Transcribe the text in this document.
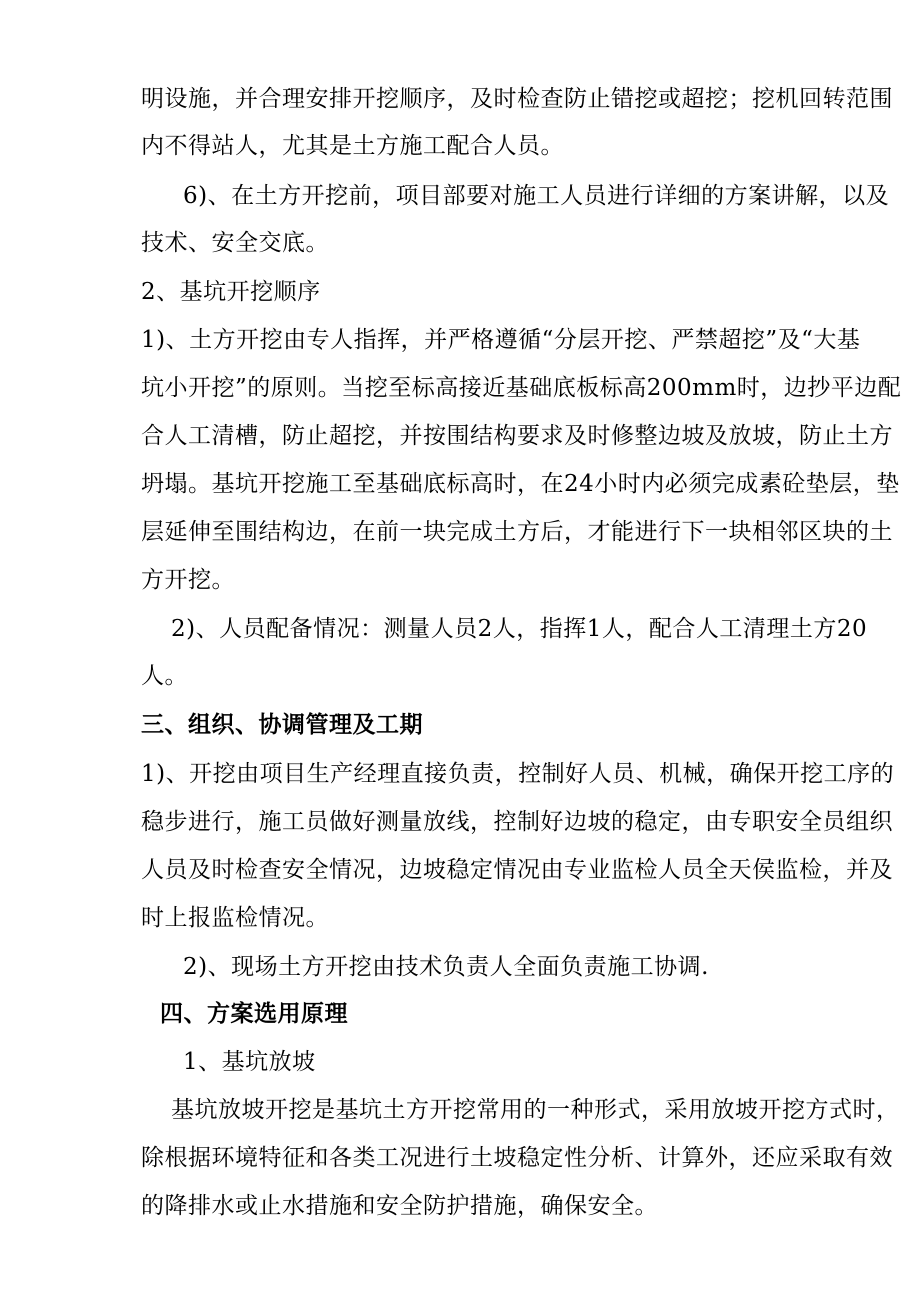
明设施，并合理安排开挖顺序，及时检查防止错挖或超挖；挖机回转范围
内不得站人，尤其是土方施工配合人员。
6)、在土方开挖前，项目部要对施工人员进行详细的方案讲解，以及
技术、安全交底。
2、基坑开挖顺序
1)、土方开挖由专人指挥，并严格遵循“分层开挖、严禁超挖”及“大基
坑小开挖”的原则。当挖至标高接近基础底板标高200mm时，边抄平边配
合人工清槽，防止超挖，并按围结构要求及时修整边坡及放坡，防止土方
坍塌。基坑开挖施工至基础底标高时，在24小时内必须完成素砼垫层，垫
层延伸至围结构边，在前一块完成土方后，才能进行下一块相邻区块的土
方开挖。
2)、人员配备情况：测量人员2人，指挥1人，配合人工清理土方20
人。
三、组织、协调管理及工期
1)、开挖由项目生产经理直接负责，控制好人员、机械，确保开挖工序的
稳步进行，施工员做好测量放线，控制好边坡的稳定，由专职安全员组织
人员及时检查安全情况，边坡稳定情况由专业监检人员全天侯监检，并及
时上报监检情况。
2)、现场土方开挖由技术负责人全面负责施工协调.
四、方案选用原理
1、基坑放坡
基坑放坡开挖是基坑土方开挖常用的一种形式，采用放坡开挖方式时，
除根据环境特征和各类工况进行土坡稳定性分析、计算外，还应采取有效
的降排水或止水措施和安全防护措施，确保安全。
